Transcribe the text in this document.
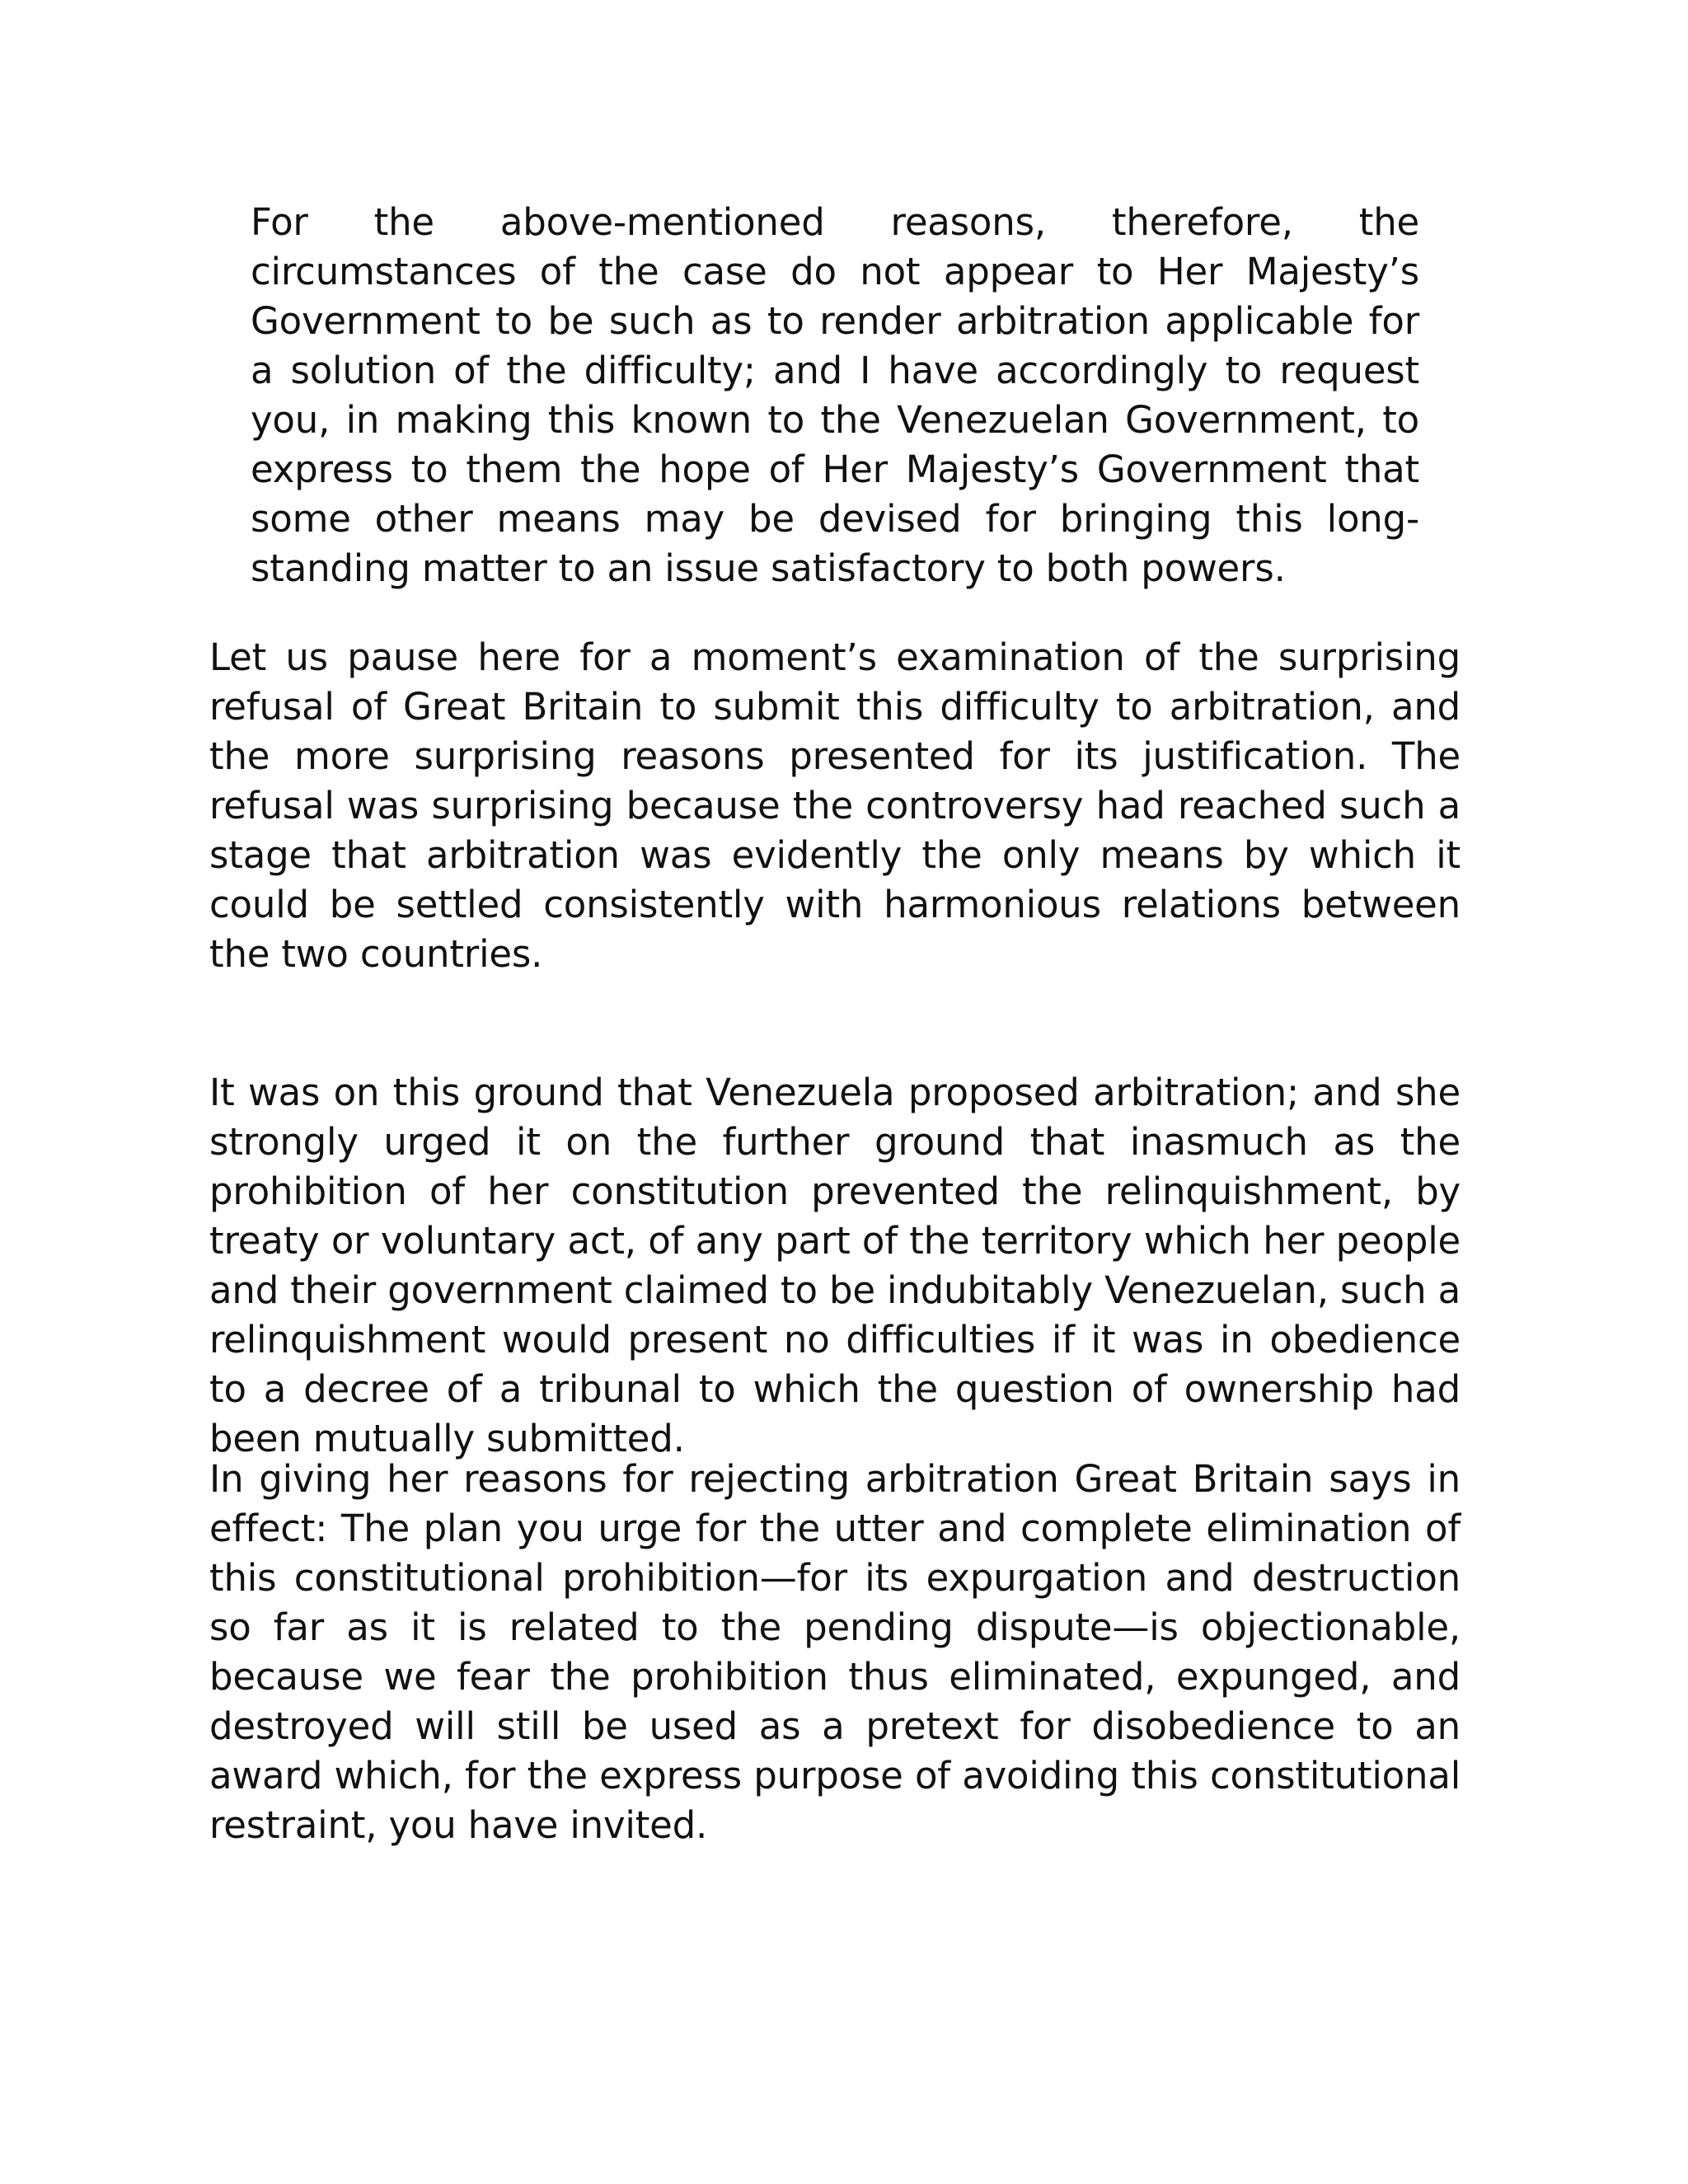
For the above-mentioned reasons, therefore, the circumstances of the case do not appear to Her Majesty’s Government to be such as to render arbitration applicable for a solution of the difficulty; and I have accordingly to request you, in making this known to the Venezuelan Government, to express to them the hope of Her Majesty’s Government that some other means may be devised for bringing this long-standing matter to an issue satisfactory to both powers.

Let us pause here for a moment’s examination of the surprising refusal of Great Britain to submit this difficulty to arbitration, and the more surprising reasons presented for its justification. The refusal was surprising because the controversy had reached such a stage that arbitration was evidently the only means by which it could be settled consistently with harmonious relations between the two countries.

It was on this ground that Venezuela proposed arbitration; and she strongly urged it on the further ground that inasmuch as the prohibition of her constitution prevented the relinquishment, by treaty or voluntary act, of any part of the territory which her people and their government claimed to be indubitably Venezuelan, such a relinquishment would present no difficulties if it was in obedience to a decree of a tribunal to which the question of ownership had been mutually submitted.

In giving her reasons for rejecting arbitration Great Britain says in effect: The plan you urge for the utter and complete elimination of this constitutional prohibition—for its expurgation and destruction so far as it is related to the pending dispute—is objectionable, because we fear the prohibition thus eliminated, expunged, and destroyed will still be used as a pretext for disobedience to an award which, for the express purpose of avoiding this constitutional restraint, you have invited.
